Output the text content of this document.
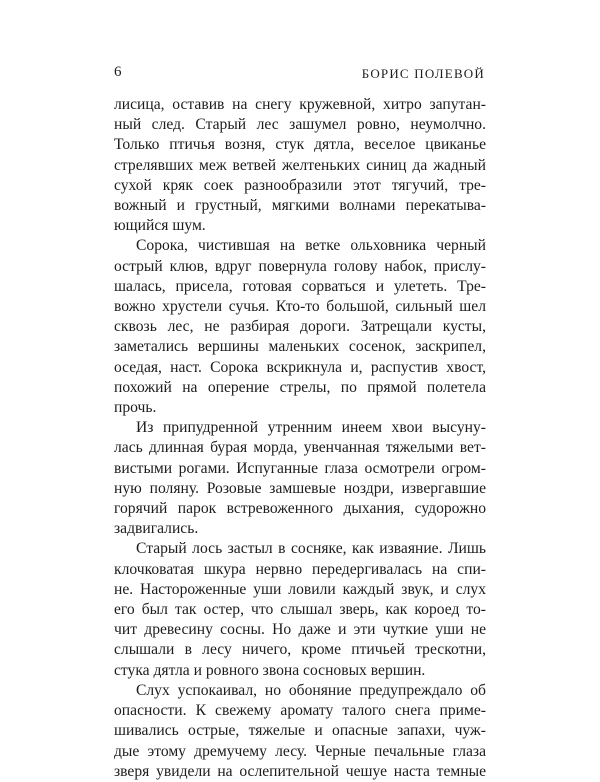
6	БОРИС ПОЛЕВОЙ

лисица, оставив на снегу кружевной, хитро запутан-
ный след. Старый лес зашумел ровно, неумолчно.
Только птичья возня, стук дятла, веселое цвиканье
стрелявших меж ветвей желтеньких синиц да жадный
сухой кряк соек разнообразили этот тягучий, тре-
вожный и грустный, мягкими волнами перекатыва-
ющийся шум.

Сорока, чистившая на ветке ольховника черный
острый клюв, вдруг повернула голову набок, прислу-
шалась, присела, готовая сорваться и улететь. Тре-
вожно хрустели сучья. Кто-то большой, сильный шел
сквозь лес, не разбирая дороги. Затрещали кусты,
заметались вершины маленьких сосенок, заскрипел,
оседая, наст. Сорока вскрикнула и, распустив хвост,
похожий на оперение стрелы, по прямой полетела
прочь.

Из припудренной утренним инеем хвои высуну-
лась длинная бурая морда, увенчанная тяжелыми вет-
вистыми рогами. Испуганные глаза осмотрели огром-
ную поляну. Розовые замшевые ноздри, извергавшие
горячий парок встревоженного дыхания, судорожно
задвигались.

Старый лось застыл в сосняке, как изваяние. Лишь
клочковатая шкура нервно передергивалась на спи-
не. Настороженные уши ловили каждый звук, и слух
его был так остер, что слышал зверь, как короед то-
чит древесину сосны. Но даже и эти чуткие уши не
слышали в лесу ничего, кроме птичьей трескотни,
стука дятла и ровного звона сосновых вершин.

Слух успокаивал, но обоняние предупреждало об
опасности. К свежему аромату талого снега приме-
шивались острые, тяжелые и опасные запахи, чуж-
дые этому дремучему лесу. Черные печальные глаза
зверя увидели на ослепительной чешуе наста темные
